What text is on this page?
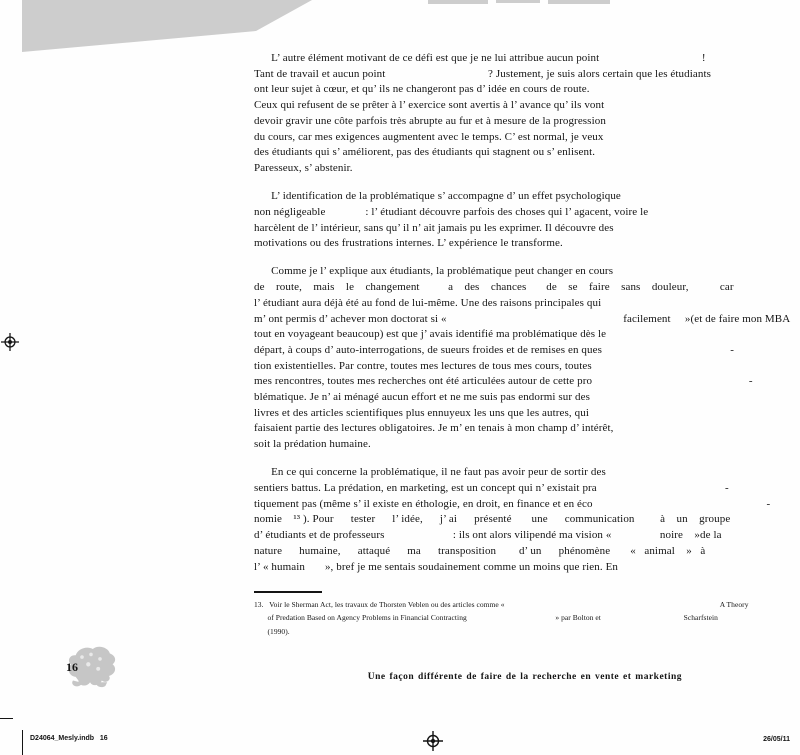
L’ autre élément motivant de ce défi est que je ne lui attribue aucun point                                    !
Tant de travail et aucun point                                    ? Justement, je suis alors certain que les étudiants
ont leur sujet à cœur, et qu’ ils ne changeront pas d’ idée en cours de route.
Ceux qui refusent de se prêter à l’ exercice sont avertis à l’ avance qu’ ils vont
devoir gravir une côte parfois très abrupte au fur et à mesure de la progression
du cours, car mes exigences augmentent avec le temps. C’ est normal, je veux
des étudiants qui s’ améliorent, pas des étudiants qui stagnent ou s’ enlisent.
Paresseux, s’ abstenir.
L’ identification de la problématique s’ accompagne d’ un effet psychologique
non négligeable              : l’ étudiant découvre parfois des choses qui l’ agacent, voire le
harcèlent de l’ intérieur, sans qu’ il n’ ait jamais pu les exprimer. Il découvre des
motivations ou des frustrations internes. L’ expérience le transforme.
Comme je l’ explique aux étudiants, la problématique peut changer en cours
de    route,    mais    le    changement          a    des    chances       de    se    faire    sans    douleur,           car
l’ étudiant aura déjà été au fond de lui-même. Une des raisons principales qui
m’ ont permis d’ achever mon doctorat si «                                                              facilement     »(et de faire mon MBA
tout en voyageant beaucoup) est que j’ avais identifié ma problématique dès le
départ, à coups d’ auto-interrogations, de sueurs froides et de remises en ques                                             -
tion existentielles. Par contre, toutes mes lectures de tous mes cours, toutes
mes rencontres, toutes mes recherches ont été articulées autour de cette pro                                                       -
blématique. Je n’ ai ménagé aucun effort et ne me suis pas endormi sur des
livres et des articles scientifiques plus ennuyeux les uns que les autres, qui
faisaient partie des lectures obligatoires. Je m’ en tenais à mon champ d’ intérêt,
soit la prédation humaine.
En ce qui concerne la problématique, il ne faut pas avoir peur de sortir des
sentiers battus. La prédation, en marketing, est un concept qui n’ existait pra                                             -
tiquement pas (même s’ il existe en éthologie, en droit, en finance et en éco                                                             -
nomie    ¹³ ). Pour      tester      l’ idée,      j’ ai      présenté       une      communication         à    un    groupe
d’ étudiants et de professeurs                        : ils ont alors vilipendé ma vision «                 noire    »de la
nature      humaine,      attaqué      ma      transposition        d’ un      phénomène       «   animal    »   à
l’ « humain       », bref je me sentais soudainement comme un moins que rien. En
13.   Voir le Sherman Act, les travaux de Thorsten Veblen ou des articles comme «                                                                                                                A Theory
of Predation Based on Agency Problems in Financial Contracting                                              » par Bolton et                                           Scharfstein
(1990).
16
Une façon différente de faire de la recherche en vente et marketing
D24064_Mesly.indb   16	26/05/11
